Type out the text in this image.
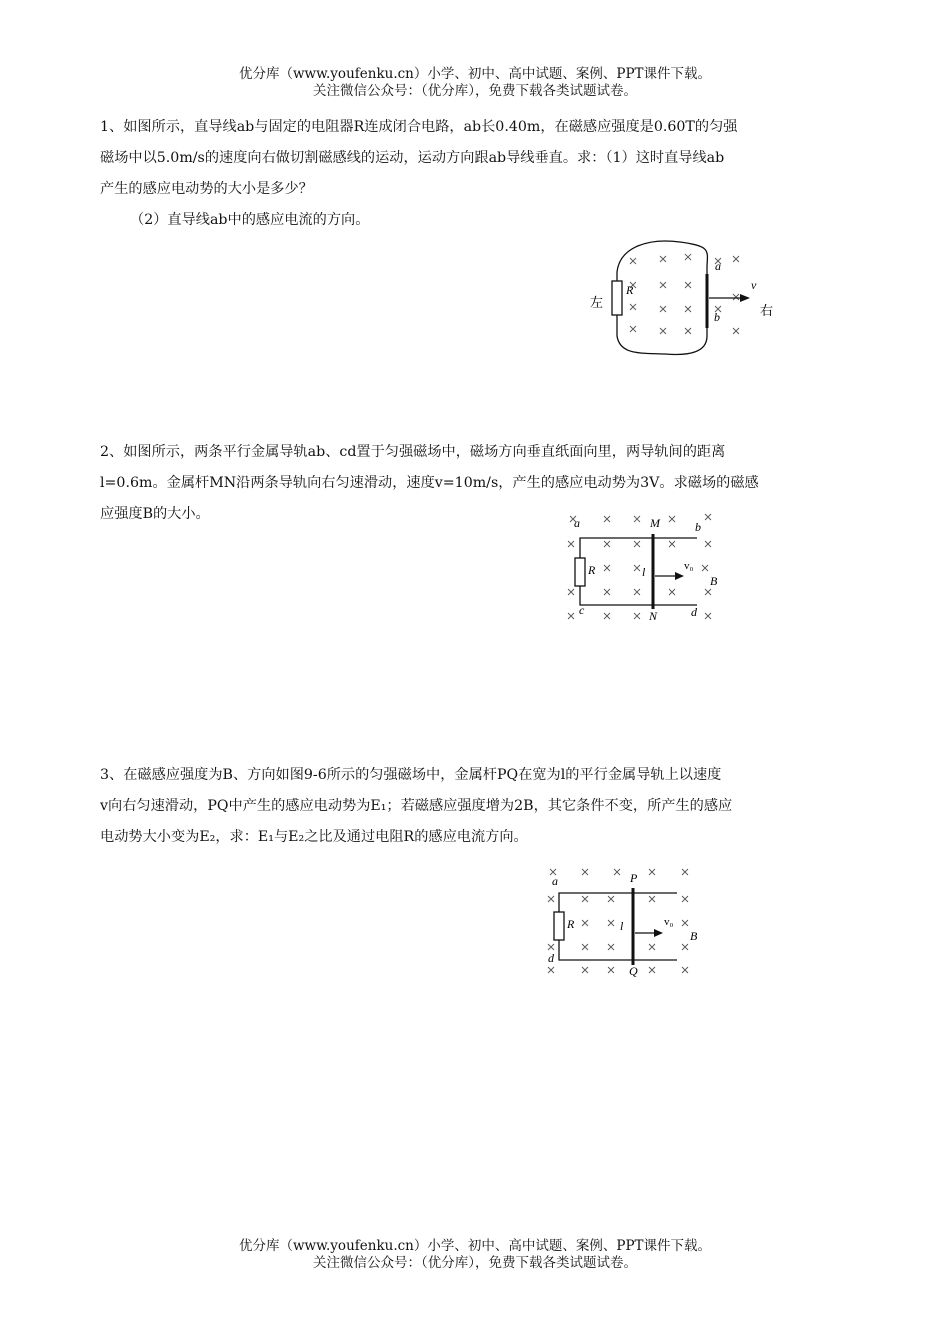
优分库（www.youfenku.cn）小学、初中、高中试题、案例、PPT课件下载。
关注微信公众号：（优分库），免费下载各类试题试卷。
1、如图所示，直导线ab与固定的电阻器R连成闭合电路，ab长0.40m，在磁感应强度是0.60T的匀强
磁场中以5.0m/s的速度向右做切割磁感线的运动，运动方向跟ab导线垂直。求：（1）这时直导线ab
产生的感应电动势的大小是多少？
（2）直导线ab中的感应电流的方向。
左
右
R
a
b
v
2、如图所示，两条平行金属导轨ab、cd置于匀强磁场中，磁场方向垂直纸面向里，两导轨间的距离
l=0.6m。金属杆MN沿两条导轨向右匀速滑动，速度v=10m/s，产生的感应电动势为3V。求磁场的磁感
应强度B的大小。
a	b
c	d
M
N
R	l	v₀
B
3、在磁感应强度为B、方向如图9-6所示的匀强磁场中，金属杆PQ在宽为l的平行金属导轨上以速度
v向右匀速滑动，PQ中产生的感应电动势为E₁；若磁感应强度增为2B，其它条件不变，所产生的感应
电动势大小变为E₂，求：E₁与E₂之比及通过电阻R的感应电流方向。
a
d
P
Q
R	l	v₀
B
优分库（www.youfenku.cn）小学、初中、高中试题、案例、PPT课件下载。
关注微信公众号：（优分库），免费下载各类试题试卷。
